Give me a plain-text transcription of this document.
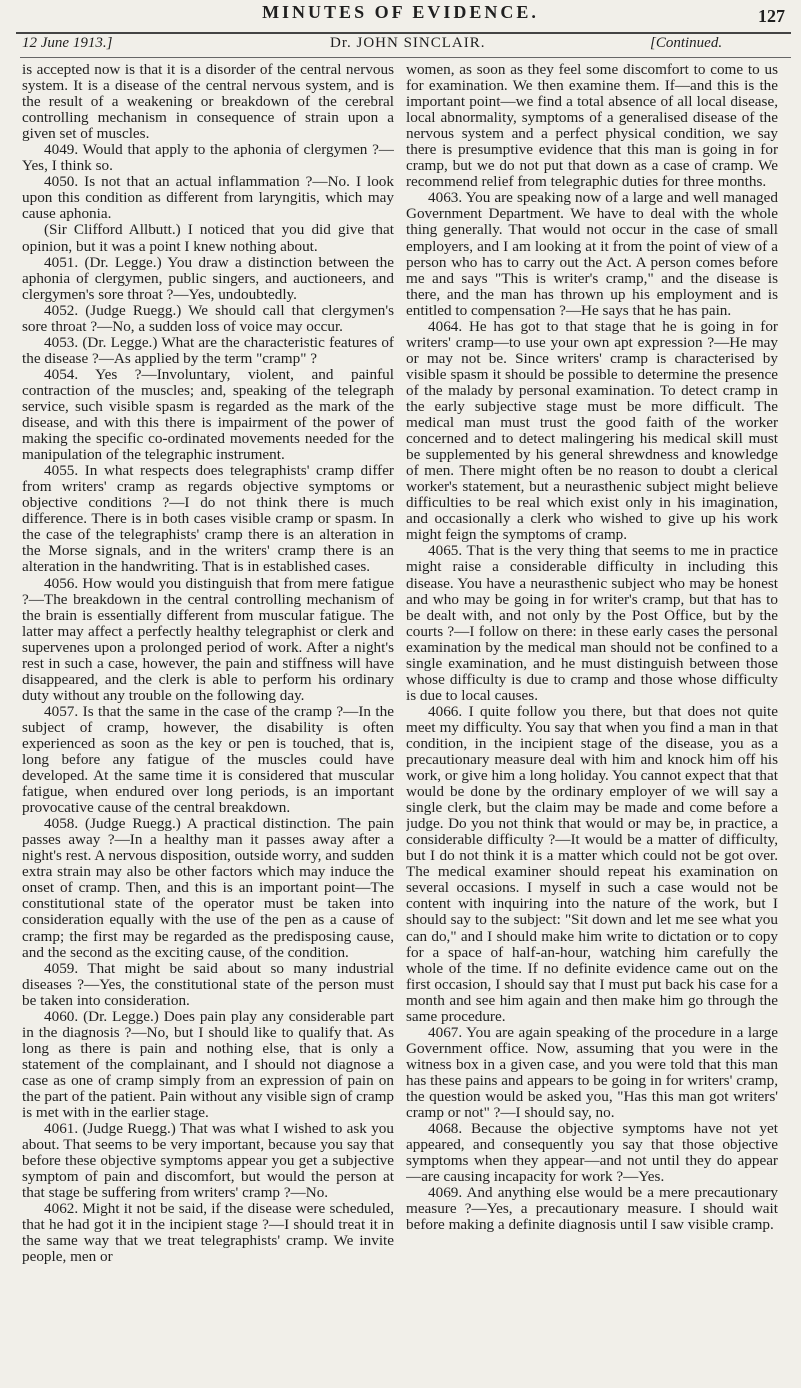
MINUTES OF EVIDENCE.	127
12 June 1913.]	Dr. JOHN SINCLAIR.	[Continued.

is accepted now is that it is a disorder of the central nervous system. It is a disease of the central nervous system, and is the result of a weakening or breakdown of the cerebral controlling mechanism in consequence of strain upon a given set of muscles.

4049. Would that apply to the aphonia of clergymen ?—Yes, I think so.

4050. Is not that an actual inflammation ?—No. I look upon this condition as different from laryngitis, which may cause aphonia.

(Sir Clifford Allbutt.) I noticed that you did give that opinion, but it was a point I knew nothing about.

4051. (Dr. Legge.) You draw a distinction between the aphonia of clergymen, public singers, and auctioneers, and clergymen's sore throat ?—Yes, undoubtedly.

4052. (Judge Ruegg.) We should call that clergymen's sore throat ?—No, a sudden loss of voice may occur.

4053. (Dr. Legge.) What are the characteristic features of the disease ?—As applied by the term "cramp" ?

4054. Yes ?—Involuntary, violent, and painful contraction of the muscles; and, speaking of the telegraph service, such visible spasm is regarded as the mark of the disease, and with this there is impairment of the power of making the specific co-ordinated movements needed for the manipulation of the telegraphic instrument.

4055. In what respects does telegraphists' cramp differ from writers' cramp as regards objective symptoms or objective conditions ?—I do not think there is much difference. There is in both cases visible cramp or spasm. In the case of the telegraphists' cramp there is an alteration in the Morse signals, and in the writers' cramp there is an alteration in the handwriting. That is in established cases.

4056. How would you distinguish that from mere fatigue ?—The breakdown in the central controlling mechanism of the brain is essentially different from muscular fatigue. The latter may affect a perfectly healthy telegraphist or clerk and supervenes upon a prolonged period of work. After a night's rest in such a case, however, the pain and stiffness will have disappeared, and the clerk is able to perform his ordinary duty without any trouble on the following day.

4057. Is that the same in the case of the cramp ?—In the subject of cramp, however, the disability is often experienced as soon as the key or pen is touched, that is, long before any fatigue of the muscles could have developed. At the same time it is considered that muscular fatigue, when endured over long periods, is an important provocative cause of the central breakdown.

4058. (Judge Ruegg.) A practical distinction. The pain passes away ?—In a healthy man it passes away after a night's rest. A nervous disposition, outside worry, and sudden extra strain may also be other factors which may induce the onset of cramp. Then, and this is an important point—The constitutional state of the operator must be taken into consideration equally with the use of the pen as a cause of cramp; the first may be regarded as the predisposing cause, and the second as the exciting cause, of the condition.

4059. That might be said about so many industrial diseases ?—Yes, the constitutional state of the person must be taken into consideration.

4060. (Dr. Legge.) Does pain play any considerable part in the diagnosis ?—No, but I should like to qualify that. As long as there is pain and nothing else, that is only a statement of the complainant, and I should not diagnose a case as one of cramp simply from an expression of pain on the part of the patient. Pain without any visible sign of cramp is met with in the earlier stage.

4061. (Judge Ruegg.) That was what I wished to ask you about. That seems to be very important, because you say that before these objective symptoms appear you get a subjective symptom of pain and discomfort, but would the person at that stage be suffering from writers' cramp ?—No.

4062. Might it not be said, if the disease were scheduled, that he had got it in the incipient stage ?—I should treat it in the same way that we treat telegraphists' cramp. We invite people, men or

women, as soon as they feel some discomfort to come to us for examination. We then examine them. If—and this is the important point—we find a total absence of all local disease, local abnormality, symptoms of a generalised disease of the nervous system and a perfect physical condition, we say there is presumptive evidence that this man is going in for cramp, but we do not put that down as a case of cramp. We recommend relief from telegraphic duties for three months.

4063. You are speaking now of a large and well managed Government Department. We have to deal with the whole thing generally. That would not occur in the case of small employers, and I am looking at it from the point of view of a person who has to carry out the Act. A person comes before me and says "This is writer's cramp," and the disease is there, and the man has thrown up his employment and is entitled to compensation ?—He says that he has pain.

4064. He has got to that stage that he is going in for writers' cramp—to use your own apt expression ?—He may or may not be. Since writers' cramp is characterised by visible spasm it should be possible to determine the presence of the malady by personal examination. To detect cramp in the early subjective stage must be more difficult. The medical man must trust the good faith of the worker concerned and to detect malingering his medical skill must be supplemented by his general shrewdness and knowledge of men. There might often be no reason to doubt a clerical worker's statement, but a neurasthenic subject might believe difficulties to be real which exist only in his imagination, and occasionally a clerk who wished to give up his work might feign the symptoms of cramp.

4065. That is the very thing that seems to me in practice might raise a considerable difficulty in including this disease. You have a neurasthenic subject who may be honest and who may be going in for writer's cramp, but that has to be dealt with, and not only by the Post Office, but by the courts ?—I follow on there: in these early cases the personal examination by the medical man should not be confined to a single examination, and he must distinguish between those whose difficulty is due to cramp and those whose difficulty is due to local causes.

4066. I quite follow you there, but that does not quite meet my difficulty. You say that when you find a man in that condition, in the incipient stage of the disease, you as a precautionary measure deal with him and knock him off his work, or give him a long holiday. You cannot expect that that would be done by the ordinary employer of we will say a single clerk, but the claim may be made and come before a judge. Do you not think that would or may be, in practice, a considerable difficulty ?—It would be a matter of difficulty, but I do not think it is a matter which could not be got over. The medical examiner should repeat his examination on several occasions. I myself in such a case would not be content with inquiring into the nature of the work, but I should say to the subject: "Sit down and let me see what you can do," and I should make him write to dictation or to copy for a space of half-an-hour, watching him carefully the whole of the time. If no definite evidence came out on the first occasion, I should say that I must put back his case for a month and see him again and then make him go through the same procedure.

4067. You are again speaking of the procedure in a large Government office. Now, assuming that you were in the witness box in a given case, and you were told that this man has these pains and appears to be going in for writers' cramp, the question would be asked you, "Has this man got writers' cramp or not" ?—I should say, no.

4068. Because the objective symptoms have not yet appeared, and consequently you say that those objective symptoms when they appear—and not until they do appear—are causing incapacity for work ?—Yes.

4069. And anything else would be a mere precautionary measure ?—Yes, a precautionary measure. I should wait before making a definite diagnosis until I saw visible cramp.
